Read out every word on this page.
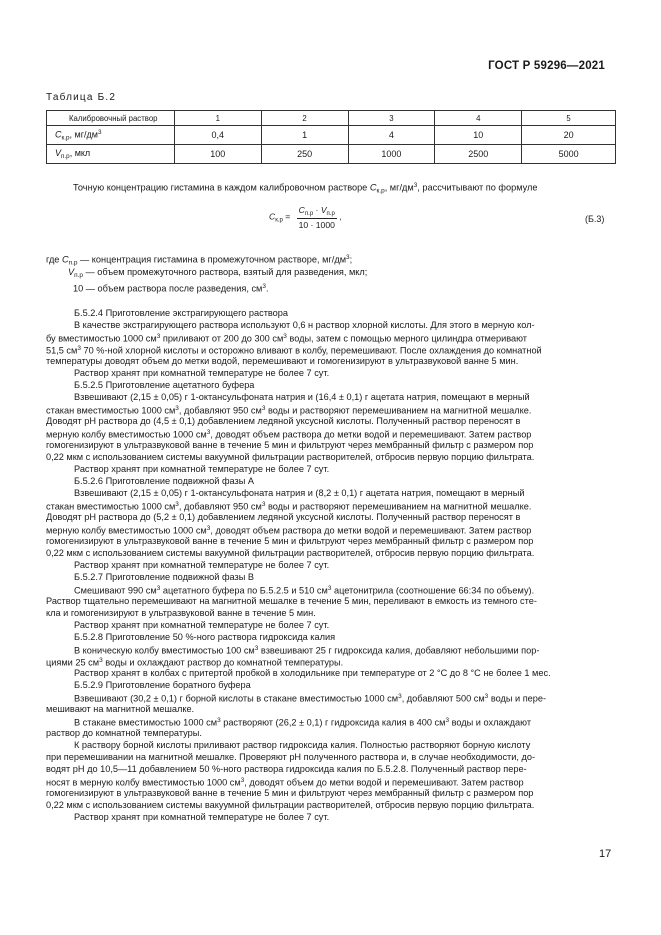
ГОСТ Р 59296—2021
Таблица Б.2
Калибровочный раствор	1	2	3	4	5
$C_{к.р}$, $мг/дм^3$	0,4	1	4	10	20
$V_{п.р}$, мкл	100	250	1000	2500	5000
Точную концентрацию гистамина в каждом калибровочном растворе $C_{к.р}$, $мг/дм^3$, рассчитывают по формуле
$C_{к.р} = \frac{C_{п.р} \cdot V_{п.р}}{10 \cdot 1000}$ ,	(Б.3)
где $C_{п.р}$ — концентрация гистамина в промежуточном растворе, $мг/дм^3$;
$V_{п.р}$ — объем промежуточного раствора, взятый для разведения, мкл;
10 — объем раствора после разведения, $см^3$.
Б.5.2.4 Приготовление экстрагирующего раствора
В качестве экстрагирующего раствора используют 0,6 н раствор хлорной кислоты. Для этого в мерную кол-
бу вместимостью 1000 $см^3$ приливают от 200 до 300 $см^3$ воды, затем с помощью мерного цилиндра отмеривают
51,5 $см^3$ 70 %-ной хлорной кислоты и осторожно вливают в колбу, перемешивают. После охлаждения до комнатной
температуры доводят объем до метки водой, перемешивают и гомогенизируют в ультразвуковой ванне 5 мин.
Раствор хранят при комнатной температуре не более 7 сут.
Б.5.2.5 Приготовление ацетатного буфера
Взвешивают (2,15 ± 0,05) г 1-октансульфоната натрия и (16,4 ± 0,1) г ацетата натрия, помещают в мерный
стакан вместимостью 1000 $см^3$, добавляют 950 $см^3$ воды и растворяют перемешиванием на магнитной мешалке.
Доводят pH раствора до (4,5 ± 0,1) добавлением ледяной уксусной кислоты. Полученный раствор переносят в
мерную колбу вместимостью 1000 $см^3$, доводят объем раствора до метки водой и перемешивают. Затем раствор
гомогенизируют в ультразвуковой ванне в течение 5 мин и фильтруют через мембранный фильтр с размером пор
0,22 мкм с использованием системы вакуумной фильтрации растворителей, отбросив первую порцию фильтрата.
Раствор хранят при комнатной температуре не более 7 сут.
Б.5.2.6 Приготовление подвижной фазы А
Взвешивают (2,15 ± 0,05) г 1-октансульфоната натрия и (8,2 ± 0,1) г ацетата натрия, помещают в мерный
стакан вместимостью 1000 $см^3$, добавляют 950 $см^3$ воды и растворяют перемешиванием на магнитной мешалке.
Доводят pH раствора до (5,2 ± 0,1) добавлением ледяной уксусной кислоты. Полученный раствор переносят в
мерную колбу вместимостью 1000 $см^3$, доводят объем раствора до метки водой и перемешивают. Затем раствор
гомогенизируют в ультразвуковой ванне в течение 5 мин и фильтруют через мембранный фильтр с размером пор
0,22 мкм с использованием системы вакуумной фильтрации растворителей, отбросив первую порцию фильтрата.
Раствор хранят при комнатной температуре не более 7 сут.
Б.5.2.7 Приготовление подвижной фазы В
Смешивают 990 $см^3$ ацетатного буфера по Б.5.2.5 и 510 $см^3$ ацетонитрила (соотношение 66:34 по объему).
Раствор тщательно перемешивают на магнитной мешалке в течение 5 мин, переливают в емкость из темного сте-
кла и гомогенизируют в ультразвуковой ванне в течение 5 мин.
Раствор хранят при комнатной температуре не более 7 сут.
Б.5.2.8 Приготовление 50 %-ного раствора гидроксида калия
В коническую колбу вместимостью 100 $см^3$ взвешивают 25 г гидроксида калия, добавляют небольшими пор-
циями 25 $см^3$ воды и охлаждают раствор до комнатной температуры.
Раствор хранят в колбах с притертой пробкой в холодильнике при температуре от 2 °С до 8 °С не более 1 мес.
Б.5.2.9 Приготовление боратного буфера
Взвешивают (30,2 ± 0,1) г борной кислоты в стакане вместимостью 1000 $см^3$, добавляют 500 $см^3$ воды и пере-
мешивают на магнитной мешалке.
В стакане вместимостью 1000 $см^3$ растворяют (26,2 ± 0,1) г гидроксида калия в 400 $см^3$ воды и охлаждают
раствор до комнатной температуры.
К раствору борной кислоты приливают раствор гидроксида калия. Полностью растворяют борную кислоту
при перемешивании на магнитной мешалке. Проверяют pH полученного раствора и, в случае необходимости, до-
водят pH до 10,5—11 добавлением 50 %-ного раствора гидроксида калия по Б.5.2.8. Полученный раствор пере-
носят в мерную колбу вместимостью 1000 $см^3$, доводят объем до метки водой и перемешивают. Затем раствор
гомогенизируют в ультразвуковой ванне в течение 5 мин и фильтруют через мембранный фильтр с размером пор
0,22 мкм с использованием системы вакуумной фильтрации растворителей, отбросив первую порцию фильтрата.
Раствор хранят при комнатной температуре не более 7 сут.
17
